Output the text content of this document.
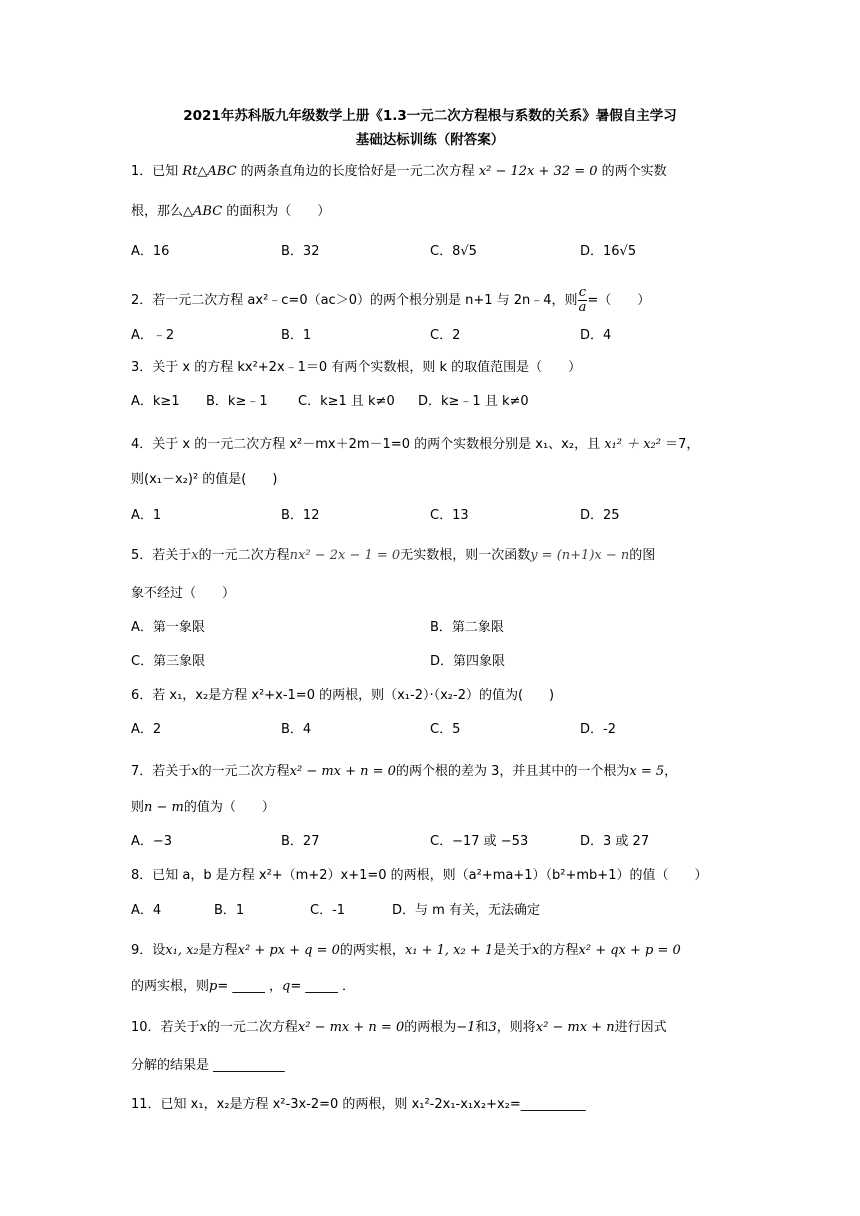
2021年苏科版九年级数学上册《1.3一元二次方程根与系数的关系》暑假自主学习
基础达标训练（附答案）
1．已知 Rt△ABC 的两条直角边的长度恰好是一元二次方程 x² − 12x + 32 = 0 的两个实数
根，那么△ABC 的面积为（　　）
A．16	B．32	C．8√5	D．16√5
2．若一元二次方程 ax²﹣c=0（ac＞0）的两个根分别是 n+1 与 2n﹣4，则 $\frac{c}{a}$ =（　　）
A．﹣2	B．1	C．2	D．4
3．关于 x 的方程 kx²+2x﹣1＝0 有两个实数根，则 k 的取值范围是（　　）
A．k≥1 B．k≥﹣1 C．k≥1 且 k≠0 D．k≥﹣1 且 k≠0
4．关于 x 的一元二次方程 x²－mx＋2m－1=0 的两个实数根分别是 x₁、x₂，且 x₁² ＋ x₂² ＝7，
则(x₁－x₂)² 的值是(　　)
A．1	B．12	C．13	D．25
5．若关于x的一元二次方程nx² − 2x − 1 = 0无实数根，则一次函数y = (n+1)x − n的图
象不经过（　　）
A．第一象限	B．第二象限
C．第三象限	D．第四象限
6．若 x₁，x₂是方程 x²+x-1=0 的两根，则（x₁-2）·（x₂-2）的值为(　　)
A．2	B．4	C．5	D．-2
7．若关于x的一元二次方程x² − mx + n = 0的两个根的差为 3，并且其中的一个根为x = 5，
则n − m的值为（　　）
A．−3	B．27	C．−17 或 −53	D．3 或 27
8．已知 a，b 是方程 x²+（m+2）x+1=0 的两根，则（a²+ma+1）（b²+mb+1）的值（　　）
A．4	B．1	C．-1	D．与 m 有关，无法确定
9．设x₁, x₂是方程x² + px + q = 0的两实根，x₁ + 1, x₂ + 1是关于x的方程x² + qx + p = 0
的两实根，则p= _____ ，q= _____ ．
10．若关于x的一元二次方程x² − mx + n = 0的两根为−1和3，则将x² − mx + n进行因式
分解的结果是 ___________
11．已知 x₁，x₂是方程 x²-3x-2=0 的两根，则 x₁²-2x₁-x₁x₂+x₂=__________
